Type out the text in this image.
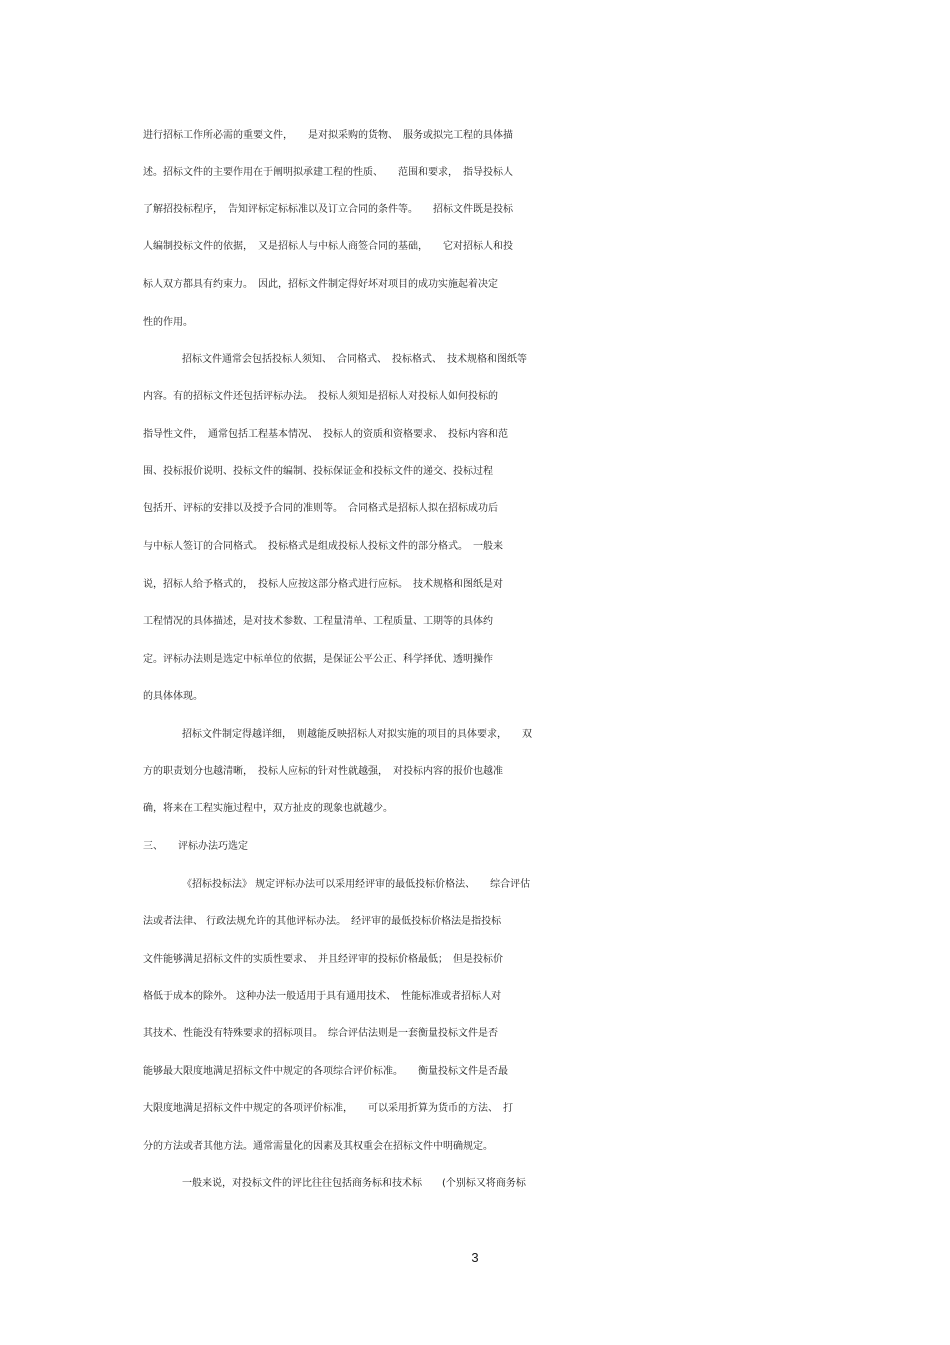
进行招标工作所必需的重要文件，　　是对拟采购的货物、　服务或拟完工程的具体描

述。招标文件的主要作用在于阐明拟承建工程的性质、　　范围和要求，　指导投标人

了解招投标程序，　告知评标定标标准以及订立合同的条件等。　　招标文件既是投标

人编制投标文件的依据，　又是招标人与中标人商签合同的基础，　　它对招标人和投

标人双方都具有约束力。　因此，招标文件制定得好坏对项目的成功实施起着决定

性的作用。

招标文件通常会包括投标人须知、　合同格式、　投标格式、　技术规格和图纸等

内容。有的招标文件还包括评标办法。　投标人须知是招标人对投标人如何投标的

指导性文件，　通常包括工程基本情况、　投标人的资质和资格要求、　投标内容和范

围、投标报价说明、投标文件的编制、投标保证金和投标文件的递交、投标过程

包括开、评标的安排以及授予合同的准则等。　合同格式是招标人拟在招标成功后

与中标人签订的合同格式。　投标格式是组成投标人投标文件的部分格式。　一般来

说，招标人给予格式的，　投标人应按这部分格式进行应标。　技术规格和图纸是对

工程情况的具体描述，是对技术参数、工程量清单、工程质量、工期等的具体约

定。评标办法则是选定中标单位的依据，是保证公平公正、科学择优、透明操作

的具体体现。

招标文件制定得越详细，　则越能反映招标人对拟实施的项目的具体要求，　　双

方的职责划分也越清晰，　投标人应标的针对性就越强，　对投标内容的报价也越准

确，将来在工程实施过程中，双方扯皮的现象也就越少。

三、　　评标办法巧选定

《招标投标法》 规定评标办法可以采用经评审的最低投标价格法、　　综合评估

法或者法律、 行政法规允许的其他评标办法。　经评审的最低投标价格法是指投标

文件能够满足招标文件的实质性要求、　并且经评审的投标价格最低；　但是投标价

格低于成本的除外。 这种办法一般适用于具有通用技术、　性能标准或者招标人对

其技术、性能没有特殊要求的招标项目。　综合评估法则是一套衡量投标文件是否

能够最大限度地满足招标文件中规定的各项综合评价标准。　　衡量投标文件是否最

大限度地满足招标文件中规定的各项评价标准，　　可以采用折算为货币的方法、　打

分的方法或者其他方法。通常需量化的因素及其权重会在招标文件中明确规定。

一般来说，对投标文件的评比往往包括商务标和技术标　　(个别标又将商务标

3
